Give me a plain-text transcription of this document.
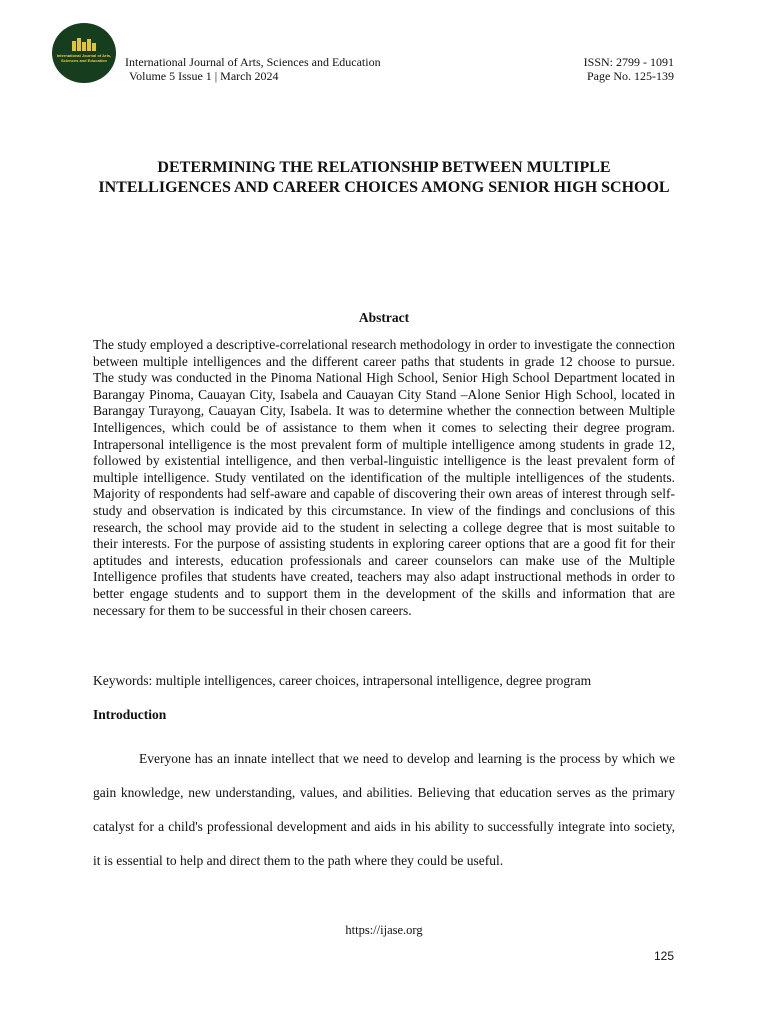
International Journal of Arts, Sciences and Education	International Journal of Arts, Sciences and Education
Volume 5 Issue 1 | March 2024
ISSN: 2799 - 1091
Page No. 125-139
DETERMINING THE RELATIONSHIP BETWEEN MULTIPLE INTELLIGENCES AND CAREER CHOICES AMONG SENIOR HIGH SCHOOL
Abstract

The study employed a descriptive-correlational research methodology in order to investigate the connection between multiple intelligences and the different career paths that students in grade 12 choose to pursue. The study was conducted in the Pinoma National High School, Senior High School Department located in Barangay Pinoma, Cauayan City, Isabela and Cauayan City Stand –Alone Senior High School, located in Barangay Turayong, Cauayan City, Isabela. It was to determine whether the connection between Multiple Intelligences, which could be of assistance to them when it comes to selecting their degree program. Intrapersonal intelligence is the most prevalent form of multiple intelligence among students in grade 12, followed by existential intelligence, and then verbal-linguistic intelligence is the least prevalent form of multiple intelligence. Study ventilated on the identification of the multiple intelligences of the students. Majority of respondents had self-aware and capable of discovering their own areas of interest through self-study and observation is indicated by this circumstance. In view of the findings and conclusions of this research, the school may provide aid to the student in selecting a college degree that is most suitable to their interests. For the purpose of assisting students in exploring career options that are a good fit for their aptitudes and interests, education professionals and career counselors can make use of the Multiple Intelligence profiles that students have created, teachers may also adapt instructional methods in order to better engage students and to support them in the development of the skills and information that are necessary for them to be successful in their chosen careers.

Keywords: multiple intelligences, career choices, intrapersonal intelligence, degree program

Introduction

Everyone has an innate intellect that we need to develop and learning is the process by which we gain knowledge, new understanding, values, and abilities. Believing that education serves as the primary catalyst for a child's professional development and aids in his ability to successfully integrate into society, it is essential to help and direct them to the path where they could be useful.

https://ijase.org
125
